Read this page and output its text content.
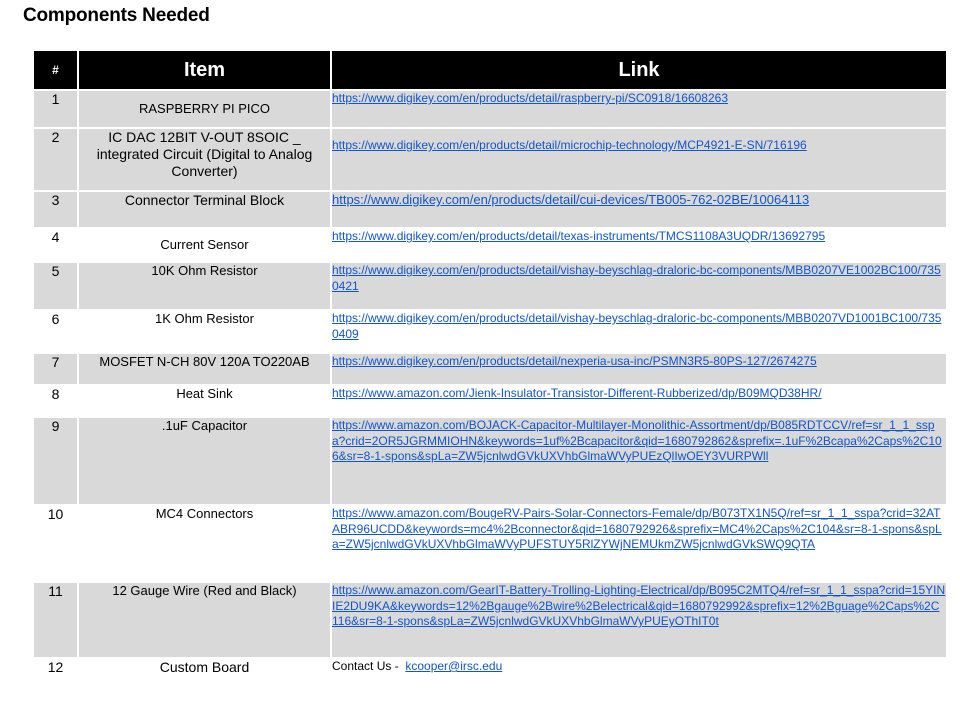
Components Needed
#	Item	Link
1	RASPBERRY PI PICO	https://www.digikey.com/en/products/detail/raspberry-pi/SC0918/16608263
2	IC DAC 12BIT V-OUT 8SOIC _ integrated Circuit (Digital to Analog Converter)	https://www.digikey.com/en/products/detail/microchip-technology/MCP4921-E-SN/716196
3	Connector Terminal Block	https://www.digikey.com/en/products/detail/cui-devices/TB005-762-02BE/10064113
4	Current Sensor	https://www.digikey.com/en/products/detail/texas-instruments/TMCS1108A3UQDR/13692795
5	10K Ohm Resistor	https://www.digikey.com/en/products/detail/vishay-beyschlag-draloric-bc-components/MBB0207VE1002BC100/7350421
6	1K Ohm Resistor	https://www.digikey.com/en/products/detail/vishay-beyschlag-draloric-bc-components/MBB0207VD1001BC100/7350409
7	MOSFET N-CH 80V 120A TO220AB	https://www.digikey.com/en/products/detail/nexperia-usa-inc/PSMN3R5-80PS-127/2674275
8	Heat Sink	https://www.amazon.com/Jienk-Insulator-Transistor-Different-Rubberized/dp/B09MQD38HR/
9	.1uF Capacitor	https://www.amazon.com/BOJACK-Capacitor-Multilayer-Monolithic-Assortment/dp/B085RDTCCV/ref=sr_1_1_sspa?crid=2OR5JGRMMIOHN&keywords=1uf%2Bcapacitor&qid=1680792862&sprefix=.1uF%2Bcapa%2Caps%2C106&sr=8-1-spons&spLa=ZW5jcnlwdGVkUXVhbGlmaWVyPUEzQlIwOEY3VURPWll
10	MC4 Connectors	https://www.amazon.com/BougeRV-Pairs-Solar-Connectors-Female/dp/B073TX1N5Q/ref=sr_1_1_sspa?crid=32ATABR96UCDD&keywords=mc4%2Bconnector&qid=1680792926&sprefix=MC4%2Caps%2C104&sr=8-1-spons&spLa=ZW5jcnlwdGVkUXVhbGlmaWVyPUFSTUY5RlZYWjNEMUkmZW5jcnlwdGVkSWQ9QTA
11	12 Gauge Wire (Red and Black)	https://www.amazon.com/GearIT-Battery-Trolling-Lighting-Electrical/dp/B095C2MTQ4/ref=sr_1_1_sspa?crid=15YINIE2DU9KA&keywords=12%2Bgauge%2Bwire%2Belectrical&qid=1680792992&sprefix=12%2Bguage%2Caps%2C116&sr=8-1-spons&spLa=ZW5jcnlwdGVkUXVhbGlmaWVyPUEyOThIT0t
12	Custom Board	Contact Us - kcooper@irsc.edu
